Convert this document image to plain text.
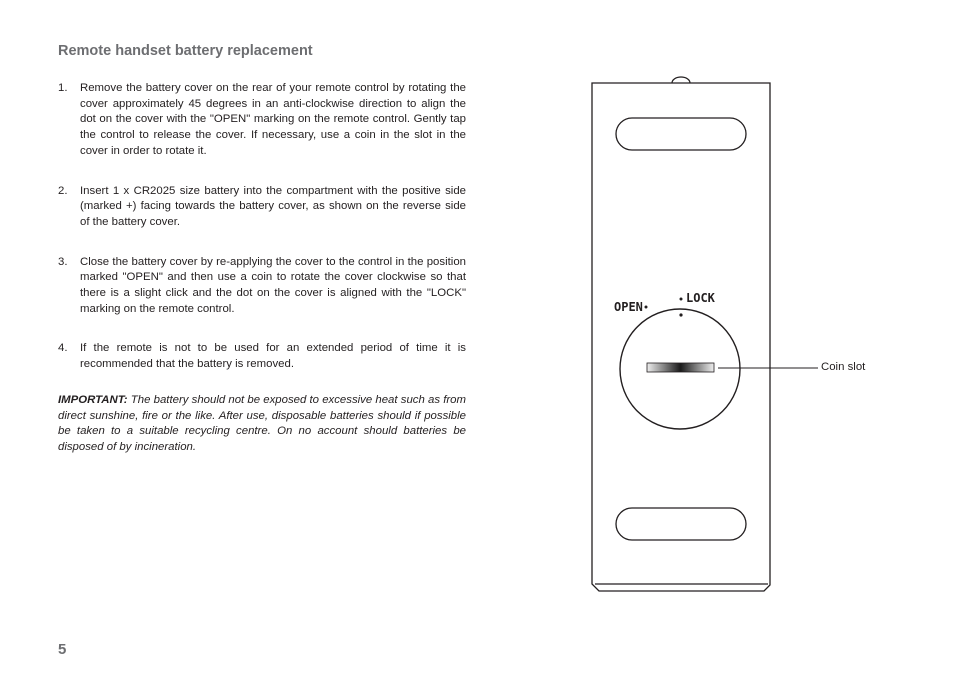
Remote handset battery replacement
1. Remove the battery cover on the rear of your remote control by rotating the cover approximately 45 degrees in an anti-clockwise direction to align the dot on the cover with the "OPEN" marking on the remote control. Gently tap the control to release the cover. If necessary, use a coin in the slot in the cover in order to rotate it.
2. Insert 1 x CR2025 size battery into the compartment with the positive side (marked +) facing towards the battery cover, as shown on the reverse side of the battery cover.
3. Close the battery cover by re-applying the cover to the control in the position marked "OPEN" and then use a coin to rotate the cover clockwise so that there is a slight click and the dot on the cover is aligned with the "LOCK" marking on the remote control.
4. If the remote is not to be used for an extended period of time it is recommended that the battery is removed.
IMPORTANT: The battery should not be exposed to excessive heat such as from direct sunshine, fire or the like. After use, disposable batteries should if possible be taken to a suitable recycling centre. On no account should batteries be disposed of by incineration.
OPEN
LOCK
Coin slot
5
